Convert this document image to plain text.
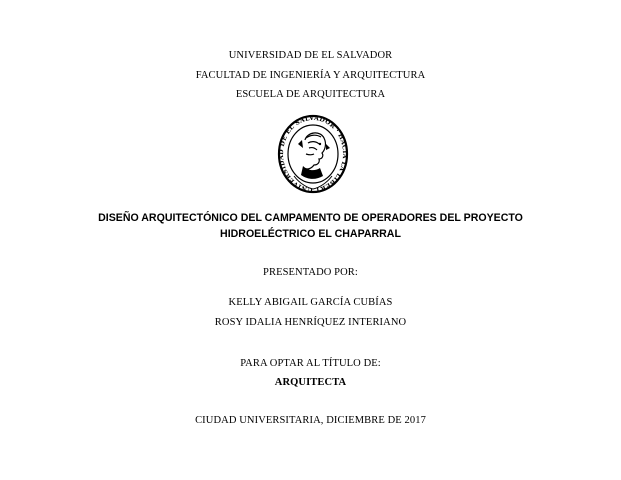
UNIVERSIDAD DE EL SALVADOR
FACULTAD DE INGENIERÍA Y ARQUITECTURA
ESCUELA DE ARQUITECTURA
UNIVERSIDAD DE EL SALVADOR · HACIA LA LIBERT
DISEÑO ARQUITECTÓNICO DEL CAMPAMENTO DE OPERADORES DEL PROYECTO
HIDROELÉCTRICO EL CHAPARRAL
PRESENTADO POR:
KELLY ABIGAIL GARCÍA CUBÍAS
ROSY IDALIA HENRÍQUEZ INTERIANO
PARA OPTAR AL TÍTULO DE:
ARQUITECTA
CIUDAD UNIVERSITARIA, DICIEMBRE DE 2017
